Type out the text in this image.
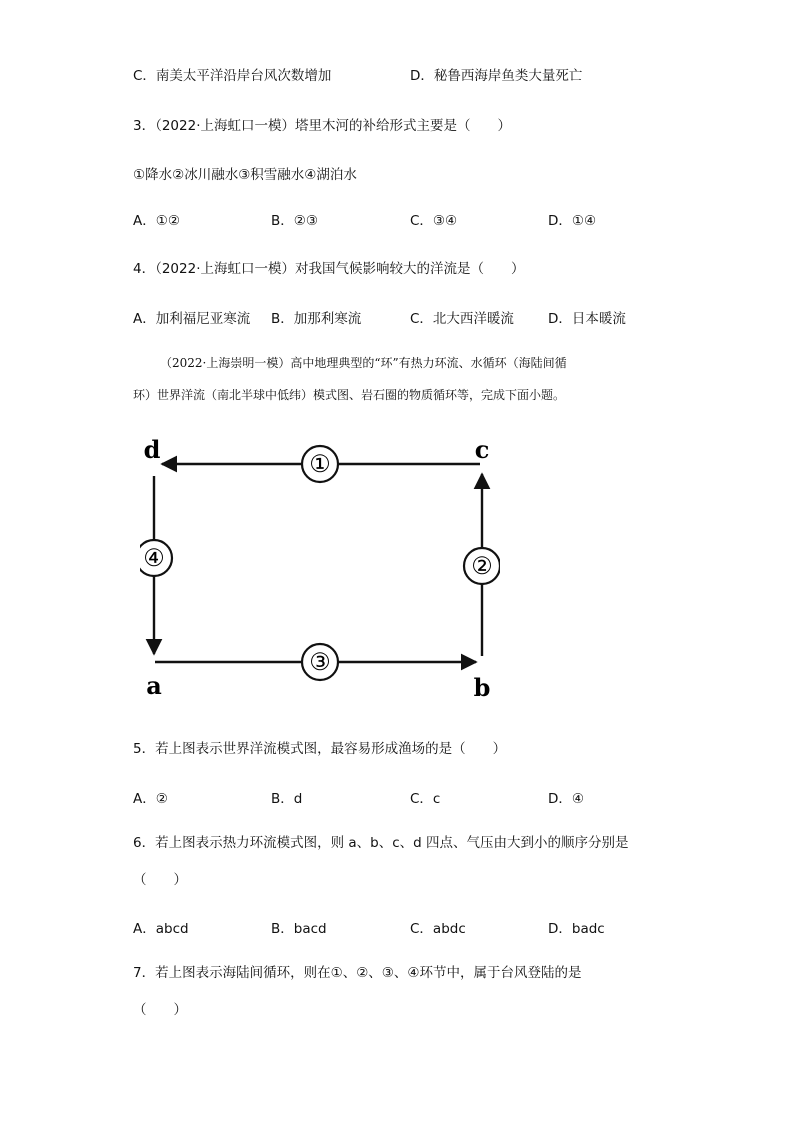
C．南美太平洋沿岸台风次数增加	D．秘鲁西海岸鱼类大量死亡
3．（2022·上海虹口一模）塔里木河的补给形式主要是（　　）
①降水②冰川融水③积雪融水④湖泊水
A．①②	B．②③	C．③④	D．①④
4．（2022·上海虹口一模）对我国气候影响较大的洋流是（　　）
A．加利福尼亚寒流 B．加那利寒流	C．北大西洋暖流	D．日本暖流
（2022·上海崇明一模）高中地理典型的“环”有热力环流、水循环（海陆间循
环）世界洋流（南北半球中低纬）模式图、岩石圈的物质循环等，完成下面小题。
①
②
③
④
d	c
a	b
5．若上图表示世界洋流模式图，最容易形成渔场的是（　　）
A．②	B．d	C．c	D．④
6．若上图表示热力环流模式图，则 a、b、c、d 四点、气压由大到小的顺序分别是
（　　）
A．abcd	B．bacd	C．abdc	D．badc
7．若上图表示海陆间循环，则在①、②、③、④环节中，属于台风登陆的是
（　　）
